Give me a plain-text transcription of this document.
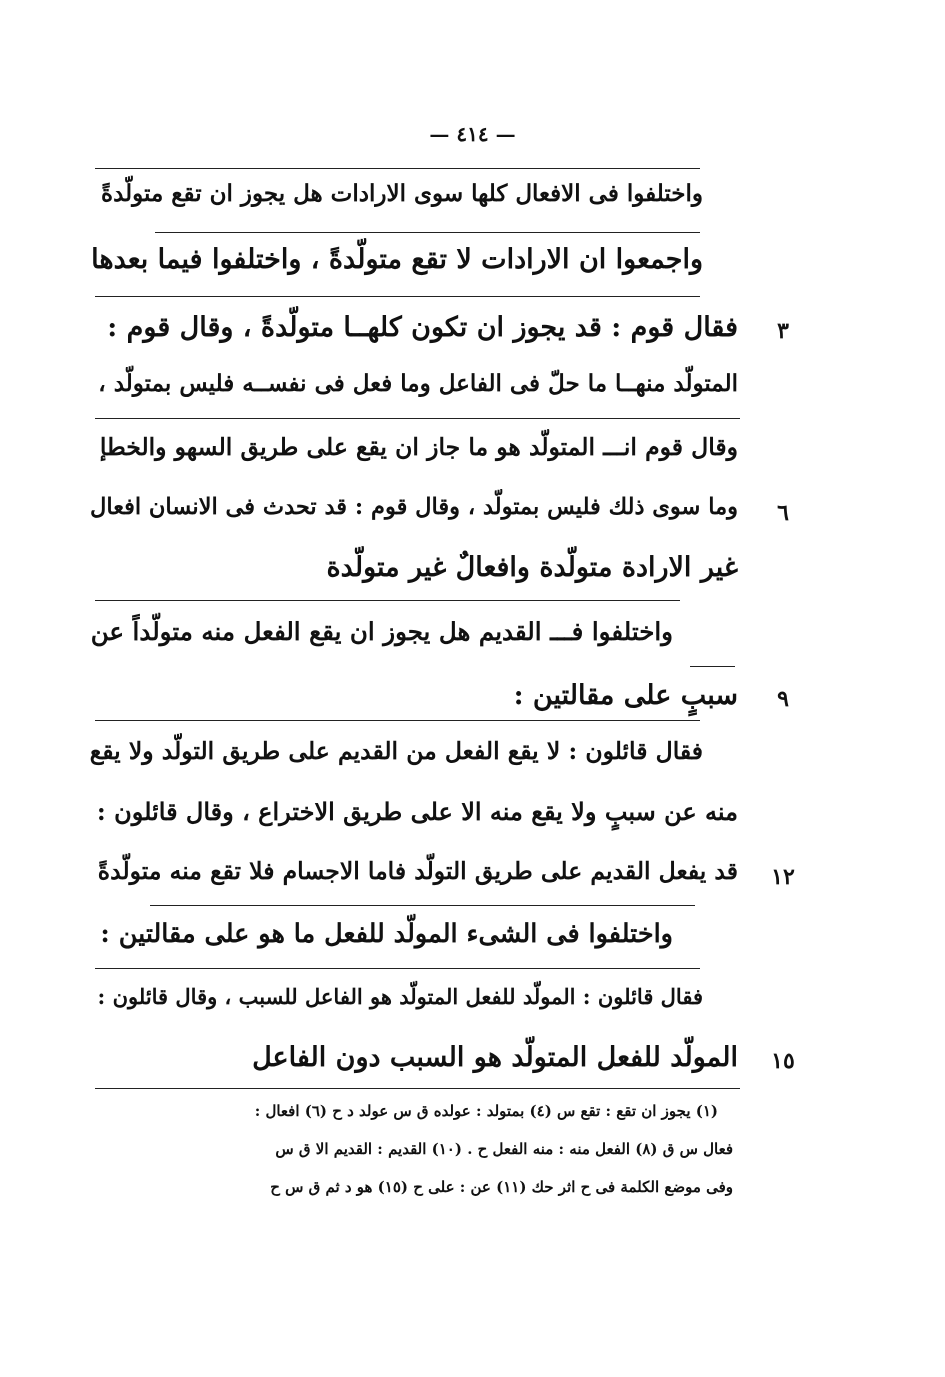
— ٤١٤ —
واختلفوا فى الافعال كلها سوى الارادات هل يجوز ان تقع متولّدةً
واجمعوا ان الارادات لا تقع متولّدةً ، واختلفوا فيما بعدها
فقال قوم : قد يجوز ان تكون كلهــا متولّدةً ، وقال قوم :
المتولّد منهــا ما حلّ فى الفاعل وما فعل فى نفســه فليس بمتولّد ،
وقال قوم انـــ المتولّد هو ما جاز ان يقع على طريق السهو والخطإ
وما سوى ذلك فليس بمتولّد ، وقال قوم : قد تحدث فى الانسان افعال
غير الارادة متولّدة وافعالٌ غير متولّدة
واختلفوا فـــ القديم هل يجوز ان يقع الفعل منه متولّداً عن
سببٍ على مقالتين :
فقال قائلون : لا يقع الفعل من القديم على طريق التولّد ولا يقع
منه عن سببٍ ولا يقع منه الا على طريق الاختراع ، وقال قائلون :
قد يفعل القديم على طريق التولّد فاما الاجسام فلا تقع منه متولّدةً
واختلفوا فى الشىء المولّد للفعل ما هو على مقالتين :
فقال قائلون : المولّد للفعل المتولّد هو الفاعل للسبب ، وقال قائلون :
المولّد للفعل المتولّد هو السبب دون الفاعل
٣
٦
٩
١٢
١٥
(١) يجوز ان تقع : تقع س (٤) بمتولد : عولده ق س عولد د ح (٦) افعال :
فعال س ق (٨) الفعل منه : منه الفعل ح . (١٠) القديم : القديم الا ق س
وفى موضع الكلمة فى ح اثر حك (١١) عن : على ح (١٥) هو د ثم ق س ح
